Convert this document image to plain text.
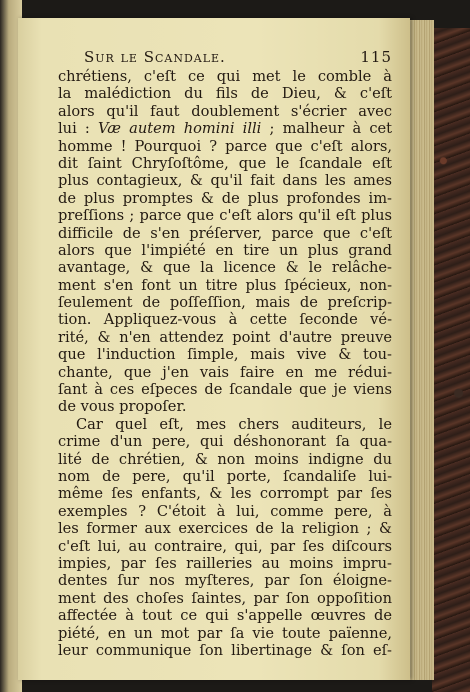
Sur le Scandale.	115
chrétiens, c'eſt ce qui met le comble à
la malédiction du fils de Dieu, & c'eſt
alors qu'il faut doublement s'écrier avec
lui : Væ autem homini illi ; malheur à cet
homme ! Pourquoi ? parce que c'eſt alors,
dit ſaint Chryſoſtôme, que le ſcandale eſt
plus contagieux, & qu'il fait dans les ames
de plus promptes & de plus profondes im-
preſſions ; parce que c'eſt alors qu'il eſt plus
difficile de s'en préſerver, parce que c'eſt
alors que l'impiété en tire un plus grand
avantage, & que la licence & le relâche-
ment s'en font un titre plus ſpécieux, non-
ſeulement de poſſeſſion, mais de preſcrip-
tion. Appliquez-vous à cette ſeconde vé-
rité, & n'en attendez point d'autre preuve
que l'induction ſimple, mais vive & tou-
chante, que j'en vais faire en me rédui-
ſant à ces eſpeces de ſcandale que je viens
de vous propoſer.
Car quel eſt, mes chers auditeurs, le
crime d'un pere, qui déshonorant ſa qua-
lité de chrétien, & non moins indigne du
nom de pere, qu'il porte, ſcandaliſe lui-
même ſes enfants, & les corrompt par ſes
exemples ? C'étoit à lui, comme pere, à
les former aux exercices de la religion ; &
c'eſt lui, au contraire, qui, par ſes diſcours
impies, par ſes railleries au moins impru-
dentes ſur nos myſteres, par ſon éloigne-
ment des choſes ſaintes, par ſon oppoſition
affectée à tout ce qui s'appelle œuvres de
piété, en un mot par ſa vie toute païenne,
leur communique ſon libertinage & ſon eſ-
